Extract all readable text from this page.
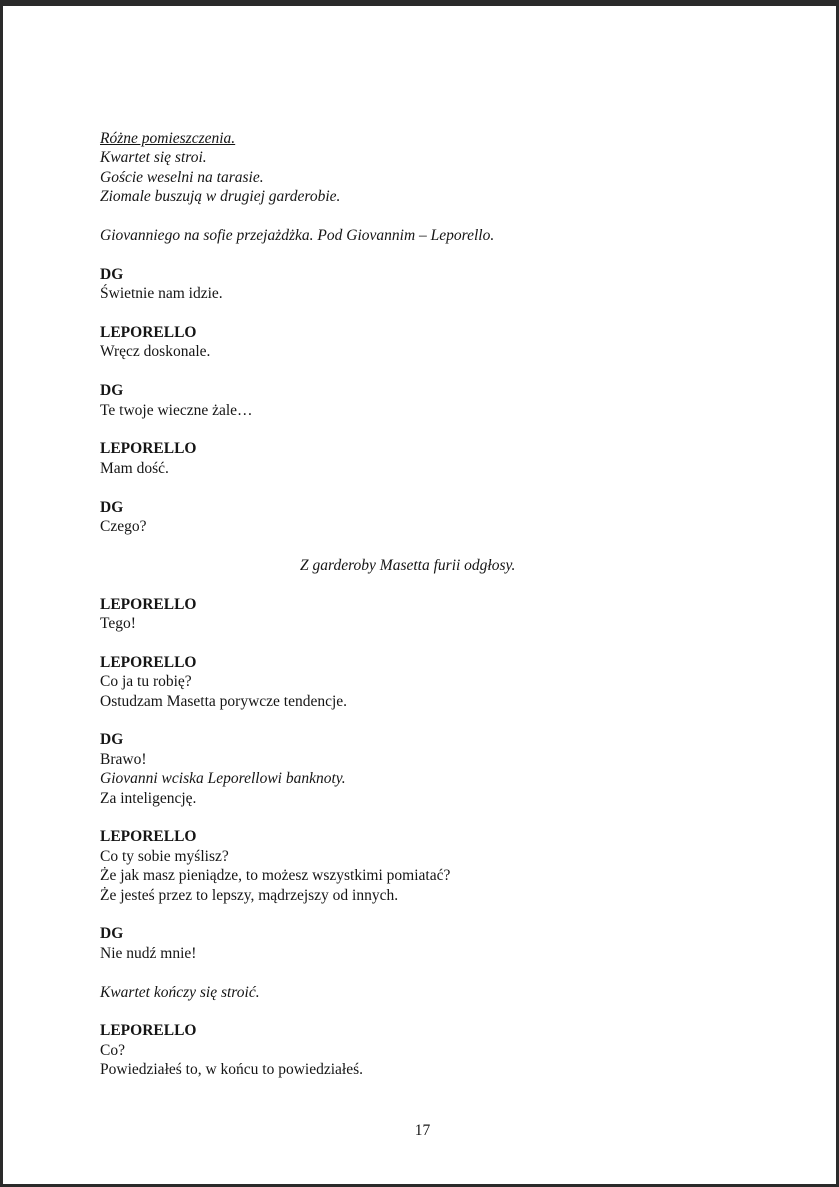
Różne pomieszczenia.
Kwartet się stroi.
Goście weselni na tarasie.
Ziomale buszują w drugiej garderobie.
Giovanniego na sofie przejażdżka. Pod Giovannim – Leporello.
DG
Świetnie nam idzie.
LEPORELLO
Wręcz doskonale.
DG
Te twoje wieczne żale…
LEPORELLO
Mam dość.
DG
Czego?
Z garderoby Masetta furii odgłosy.
LEPORELLO
Tego!
LEPORELLO
Co ja tu robię?
Ostudzam Masetta porywcze tendencje.
DG
Brawo!
Giovanni wciska Leporellowi banknoty.
Za inteligencję.
LEPORELLO
Co ty sobie myślisz?
Że jak masz pieniądze, to możesz wszystkimi pomiatać?
Że jesteś przez to lepszy, mądrzejszy od innych.
DG
Nie nudź mnie!
Kwartet kończy się stroić.
LEPORELLO
Co?
Powiedziałeś to, w końcu to powiedziałeś.
17
